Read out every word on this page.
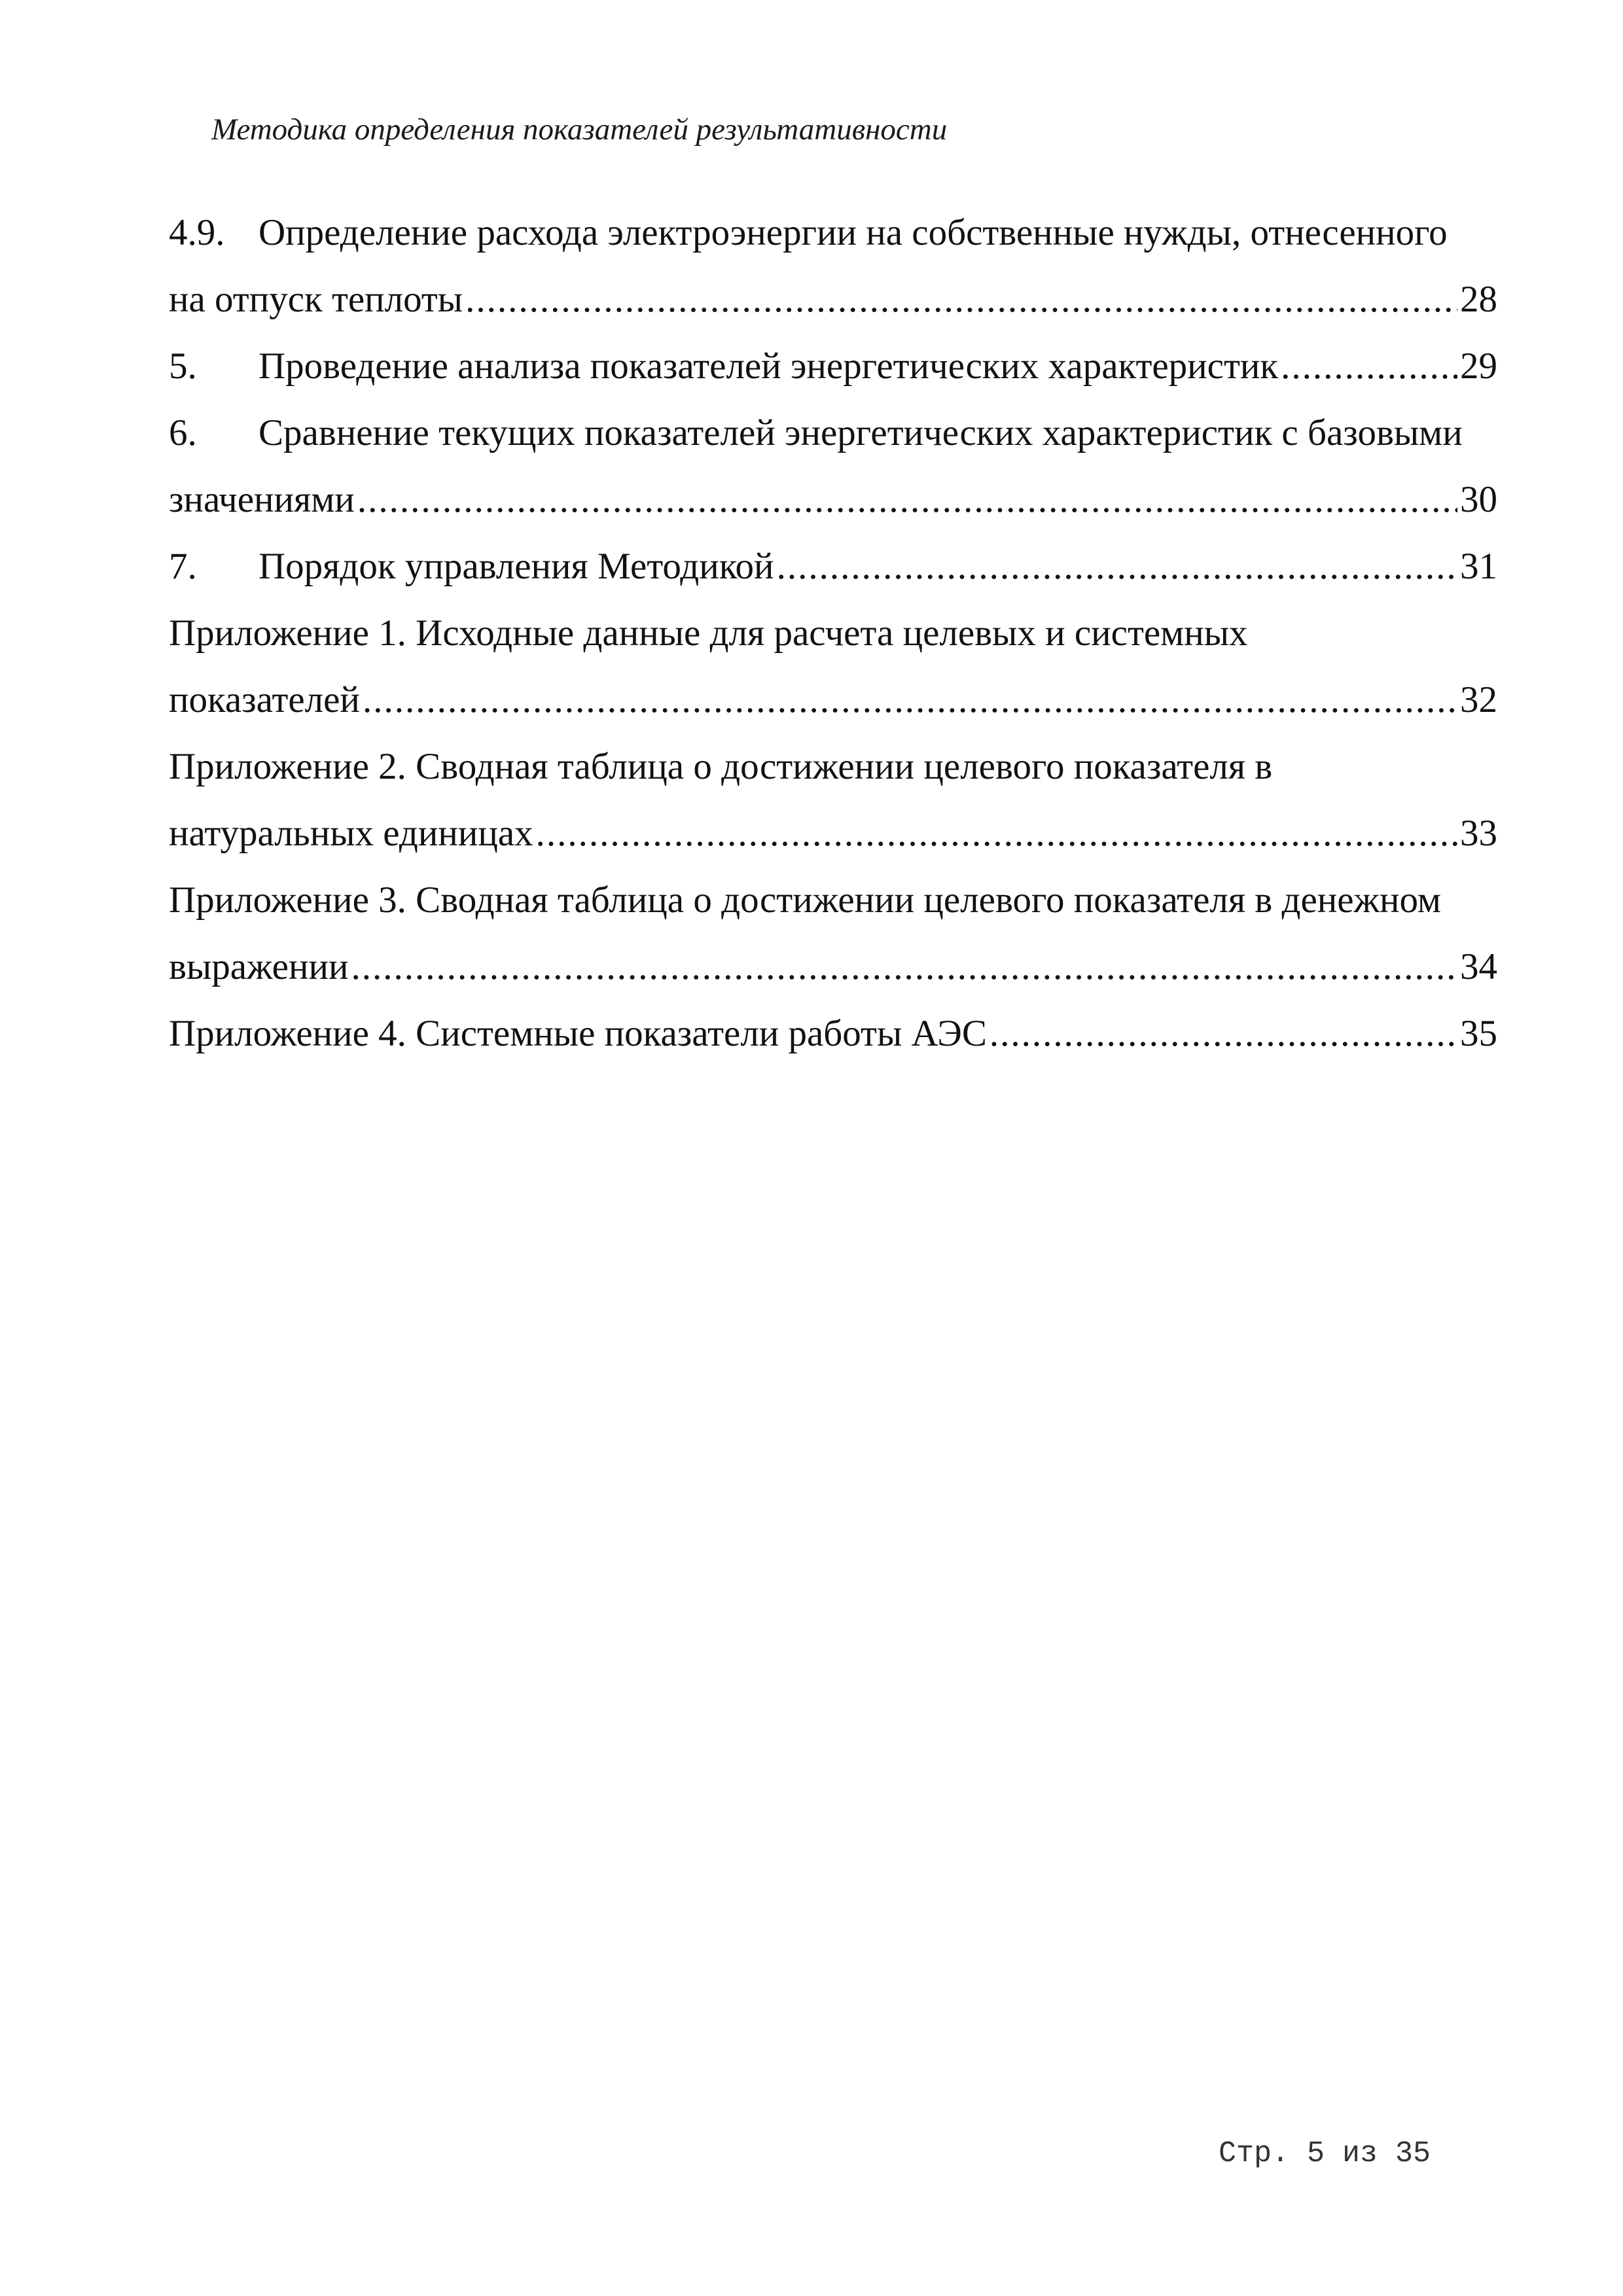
Методика определения показателей результативности
4.9. Определение расхода электроэнергии на собственные нужды, отнесенного
на отпуск теплоты .....	28
5.	Проведение анализа показателей энергетических характеристик .....	29
6.	Сравнение текущих показателей энергетических характеристик с базовыми
значениями .....	30
7.	Порядок управления Методикой .....	31
Приложение 1. Исходные данные для расчета целевых и системных
показателей .....	32
Приложение 2. Сводная таблица о достижении целевого показателя в
натуральных единицах .....	33
Приложение 3. Сводная таблица о достижении целевого показателя в денежном
выражении .....	34
Приложение 4. Системные показатели работы АЭС .....	35
Стр. 5 из 35
